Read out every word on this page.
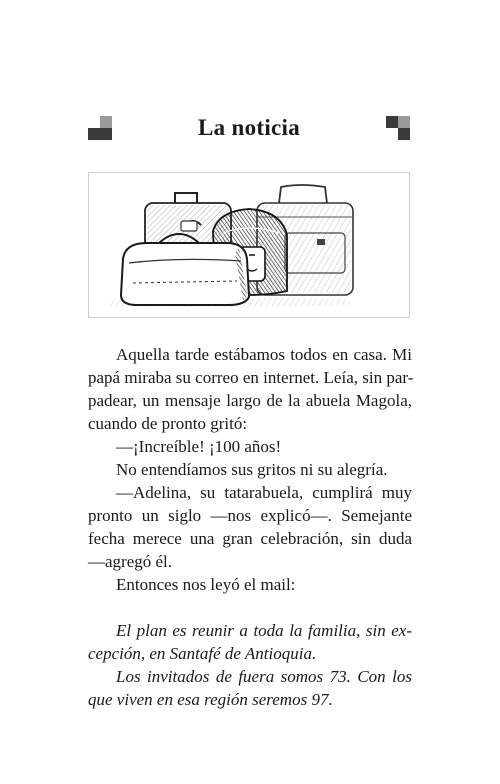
La noticia

Aquella tarde estábamos todos en casa. Mi
papá miraba su correo en internet. Leía, sin par-
padear, un mensaje largo de la abuela Magola,
cuando de pronto gritó:

—¡Increíble! ¡100 años!

No entendíamos sus gritos ni su alegría.

—Adelina, su tatarabuela, cumplirá muy
pronto un siglo —nos explicó—. Semejante
fecha merece una gran celebración, sin duda
—agregó él.

Entonces nos leyó el mail:

El plan es reunir a toda la familia, sin ex-
cepción, en Santafé de Antioquia.

Los invitados de fuera somos 73. Con los
que viven en esa región seremos 97.
